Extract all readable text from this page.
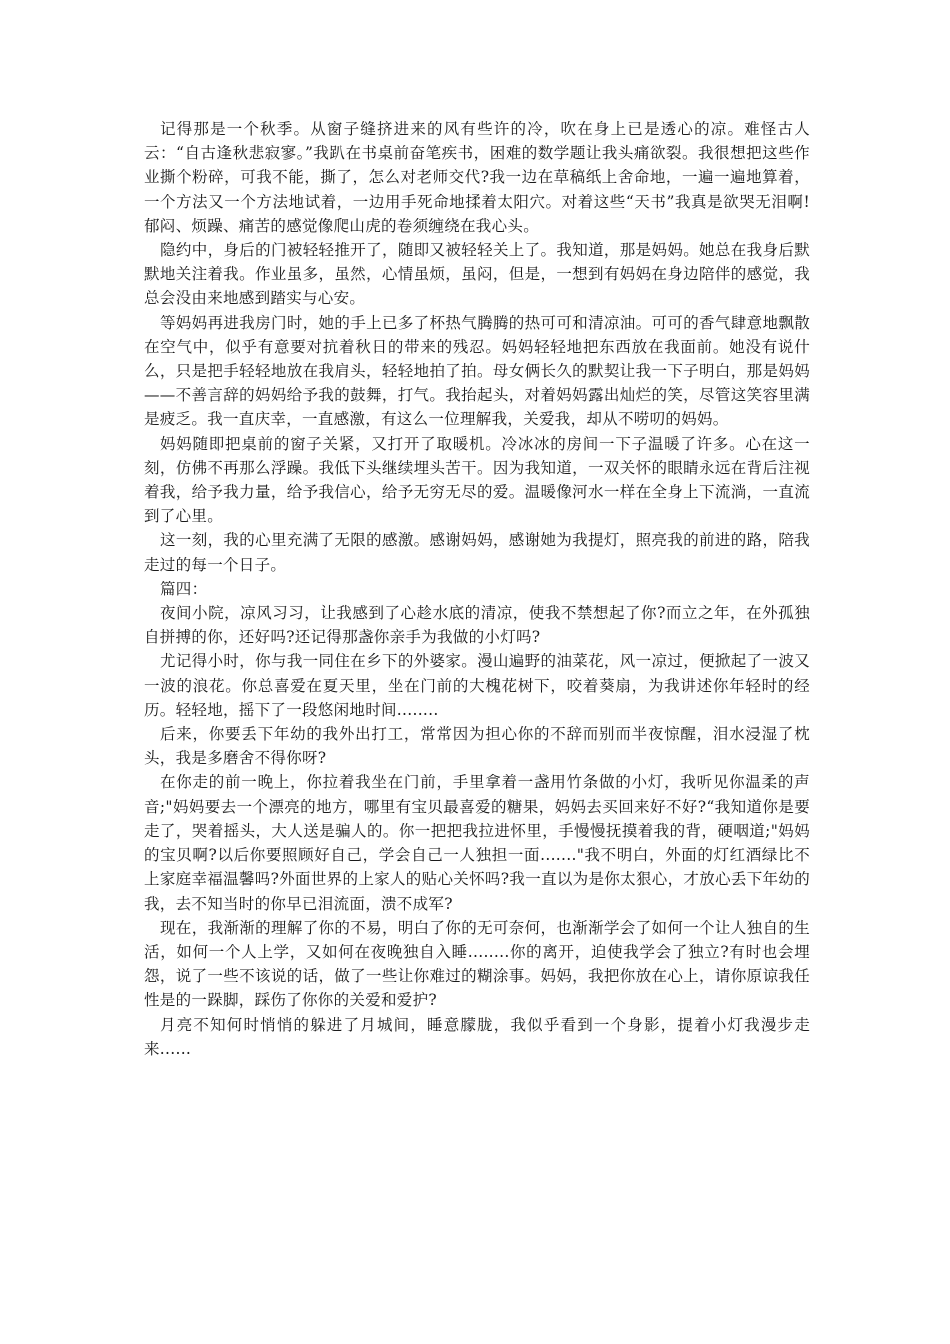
记得那是一个秋季。从窗子缝挤进来的风有些许的冷，吹在身上已是透心的凉。难怪古人云：“自古逢秋悲寂寥。”我趴在书桌前奋笔疾书，困难的数学题让我头痛欲裂。我很想把这些作业撕个粉碎，可我不能，撕了，怎么对老师交代?我一边在草稿纸上舍命地，一遍一遍地算着，一个方法又一个方法地试着，一边用手死命地揉着太阳穴。对着这些“天书”我真是欲哭无泪啊!郁闷、烦躁、痛苦的感觉像爬山虎的卷须缠绕在我心头。

隐约中，身后的门被轻轻推开了，随即又被轻轻关上了。我知道，那是妈妈。她总在我身后默默地关注着我。作业虽多，虽然，心情虽烦，虽闷，但是，一想到有妈妈在身边陪伴的感觉，我总会没由来地感到踏实与心安。

等妈妈再进我房门时，她的手上已多了杯热气腾腾的热可可和清凉油。可可的香气肆意地飘散在空气中，似乎有意要对抗着秋日的带来的残忍。妈妈轻轻地把东西放在我面前。她没有说什么，只是把手轻轻地放在我肩头，轻轻地拍了拍。母女俩长久的默契让我一下子明白，那是妈妈——不善言辞的妈妈给予我的鼓舞，打气。我抬起头，对着妈妈露出灿烂的笑，尽管这笑容里满是疲乏。我一直庆幸，一直感激，有这么一位理解我，关爱我，却从不唠叨的妈妈。

妈妈随即把桌前的窗子关紧，又打开了取暖机。冷冰冰的房间一下子温暖了许多。心在这一刻，仿佛不再那么浮躁。我低下头继续埋头苦干。因为我知道，一双关怀的眼睛永远在背后注视着我，给予我力量，给予我信心，给予无穷无尽的爱。温暖像河水一样在全身上下流淌，一直流到了心里。

这一刻，我的心里充满了无限的感激。感谢妈妈，感谢她为我提灯，照亮我的前进的路，陪我走过的每一个日子。

篇四：

夜间小院，凉风习习，让我感到了心趁水底的清凉，使我不禁想起了你?而立之年，在外孤独自拼搏的你，还好吗?还记得那盏你亲手为我做的小灯吗?

尤记得小时，你与我一同住在乡下的外婆家。漫山遍野的油菜花，风一凉过，便掀起了一波又一波的浪花。你总喜爱在夏天里，坐在门前的大槐花树下，咬着葵扇，为我讲述你年轻时的经历。轻轻地，摇下了一段悠闲地时间........

后来，你要丢下年幼的我外出打工，常常因为担心你的不辞而别而半夜惊醒，泪水浸湿了枕头，我是多磨舍不得你呀?

在你走的前一晚上，你拉着我坐在门前，手里拿着一盏用竹条做的小灯，我听见你温柔的声音;"妈妈要去一个漂亮的地方，哪里有宝贝最喜爱的糖果，妈妈去买回来好不好?“我知道你是要走了，哭着摇头，大人送是骗人的。你一把把我拉进怀里，手慢慢抚摸着我的背，硬咽道;"妈妈的宝贝啊?以后你要照顾好自己，学会自己一人独担一面......."我不明白，外面的灯红酒绿比不上家庭幸福温馨吗?外面世界的上家人的贴心关怀吗?我一直以为是你太狠心，才放心丢下年幼的我，去不知当时的你早已泪流面，溃不成军?

现在，我渐渐的理解了你的不易，明白了你的无可奈何，也渐渐学会了如何一个让人独自的生活，如何一个人上学，又如何在夜晚独自入睡........你的离开，迫使我学会了独立?有时也会埋怨，说了一些不该说的话，做了一些让你难过的糊涂事。妈妈，我把你放在心上，请你原谅我任性是的一跺脚，踩伤了你你的关爱和爱护?

月亮不知何时悄悄的躲进了月城间，睡意朦胧，我似乎看到一个身影，提着小灯我漫步走来......
